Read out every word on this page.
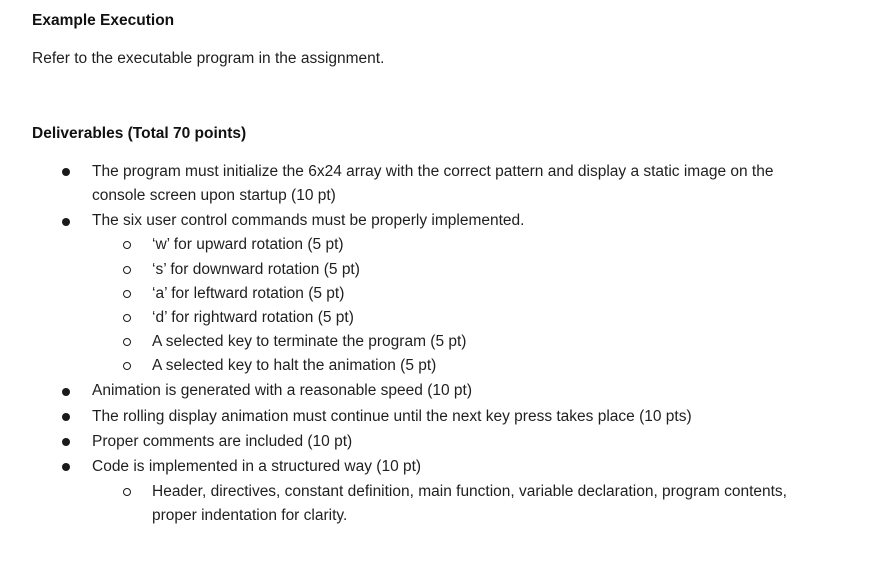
Example Execution
Refer to the executable program in the assignment.
Deliverables (Total 70 points)
The program must initialize the 6x24 array with the correct pattern and display a static image on the console screen upon startup (10 pt)
The six user control commands must be properly implemented.
‘w’ for upward rotation (5 pt)
‘s’ for downward rotation (5 pt)
‘a’ for leftward rotation (5 pt)
‘d’ for rightward rotation (5 pt)
A selected key to terminate the program (5 pt)
A selected key to halt the animation (5 pt)
Animation is generated with a reasonable speed (10 pt)
The rolling display animation must continue until the next key press takes place (10 pts)
Proper comments are included (10 pt)
Code is implemented in a structured way (10 pt)
Header, directives, constant definition, main function, variable declaration, program contents, proper indentation for clarity.
